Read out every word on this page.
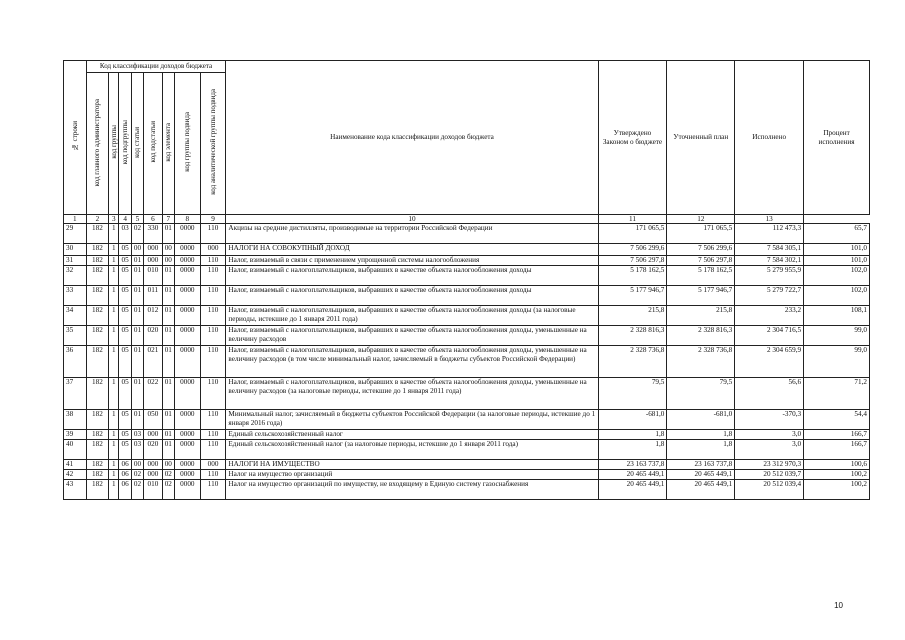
№ строки	Код классификации доходов бюджета								Наименование кода классификации доходов бюджета	Утверждено Законом о бюджете	Уточненный план	Исполнено	Процент исполнения
	код главного администратора	код группы	код подгруппы	код статьи	код подстатьи	код элемента	код группы подвида	код аналитической группы подвида					
1	2	3	4	5	6	7	8	9	10	11	12	13	
29	182	1	03	02	330	01	0000	110	Акцизы на средние дистилляты, производимые на территории Российской Федерации	171 065,5	171 065,5	112 473,3	65,7
30	182	1	05	00	000	00	0000	000	НАЛОГИ НА СОВОКУПНЫЙ ДОХОД	7 506 299,6	7 506 299,6	7 584 305,1	101,0
31	182	1	05	01	000	00	0000	110	Налог, взимаемый в связи с применением упрощенной системы налогообложения	7 506 297,8	7 506 297,8	7 584 302,1	101,0
32	182	1	05	01	010	01	0000	110	Налог, взимаемый с налогоплательщиков, выбравших в качестве объекта налогообложения доходы	5 178 162,5	5 178 162,5	5 279 955,9	102,0
33	182	1	05	01	011	01	0000	110	Налог, взимаемый с налогоплательщиков, выбравших в качестве объекта налогообложения доходы	5 177 946,7	5 177 946,7	5 279 722,7	102,0
34	182	1	05	01	012	01	0000	110	Налог, взимаемый с налогоплательщиков, выбравших в качестве объекта налогообложения доходы (за налоговые периоды, истекшие до 1 января 2011 года)	215,8	215,8	233,2	108,1
35	182	1	05	01	020	01	0000	110	Налог, взимаемый с налогоплательщиков, выбравших в качестве объекта налогообложения доходы, уменьшенные на величину расходов	2 328 816,3	2 328 816,3	2 304 716,5	99,0
36	182	1	05	01	021	01	0000	110	Налог, взимаемый с налогоплательщиков, выбравших в качестве объекта налогообложения доходы, уменьшенные на величину расходов (в том числе минимальный налог, зачисляемый в бюджеты субъектов Российской Федерации)	2 328 736,8	2 328 736,8	2 304 659,9	99,0
37	182	1	05	01	022	01	0000	110	Налог, взимаемый с налогоплательщиков, выбравших в качестве объекта налогообложения доходы, уменьшенные на величину расходов (за налоговые периоды, истекшие до 1 января 2011 года)	79,5	79,5	56,6	71,2
38	182	1	05	01	050	01	0000	110	Минимальный налог, зачисляемый в бюджеты субъектов Российской Федерации (за налоговые периоды, истекшие до 1 января 2016 года)	-681,0	-681,0	-370,3	54,4
39	182	1	05	03	000	01	0000	110	Единый сельскохозяйственный налог	1,8	1,8	3,0	166,7
40	182	1	05	03	020	01	0000	110	Единый сельскохозяйственный налог (за налоговые периоды, истекшие до 1 января 2011 года)	1,8	1,8	3,0	166,7
41	182	1	06	00	000	00	0000	000	НАЛОГИ НА ИМУЩЕСТВО	23 163 737,8	23 163 737,8	23 312 970,3	100,6
42	182	1	06	02	000	02	0000	110	Налог на имущество организаций	20 465 449,1	20 465 449,1	20 512 039,7	100,2
43	182	1	06	02	010	02	0000	110	Налог на имущество организаций по имуществу, не входящему в Единую систему газоснабжения	20 465 449,1	20 465 449,1	20 512 039,4	100,2
10
